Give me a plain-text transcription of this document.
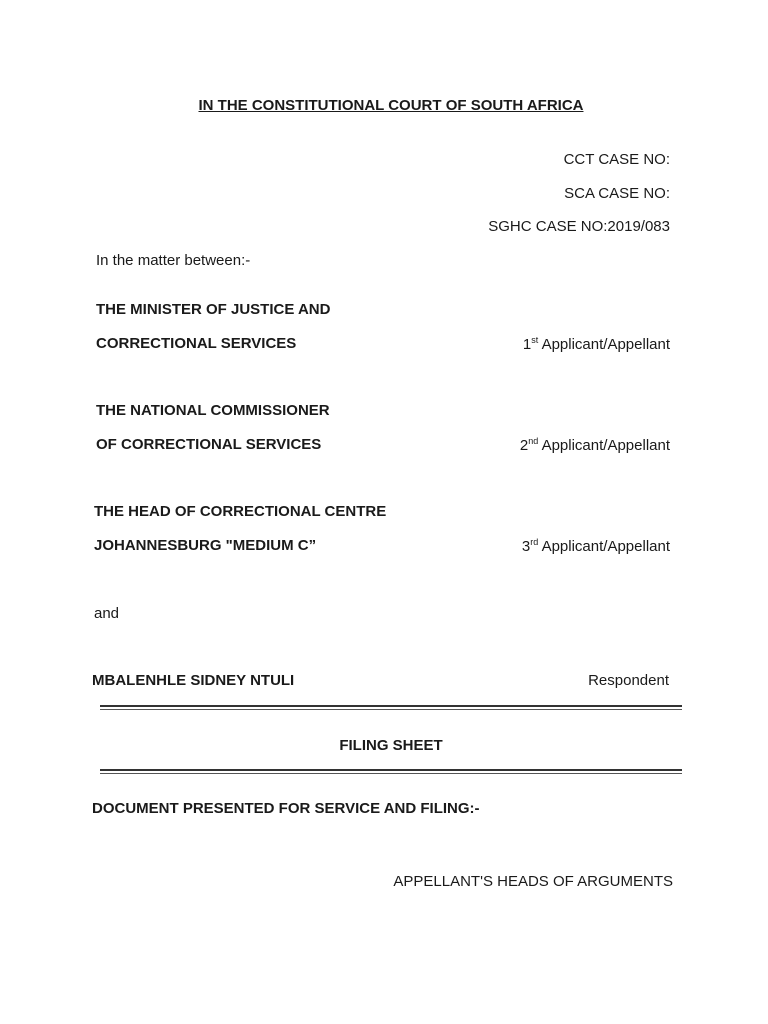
IN THE CONSTITUTIONAL COURT OF SOUTH AFRICA
CCT CASE NO:
SCA CASE NO:
SGHC CASE NO:2019/083
In the matter between:-
THE MINISTER OF JUSTICE AND
CORRECTIONAL SERVICES	1st Applicant/Appellant
THE NATIONAL COMMISSIONER
OF CORRECTIONAL SERVICES	2nd Applicant/Appellant
THE HEAD OF CORRECTIONAL CENTRE
JOHANNESBURG "MEDIUM C”	3rd Applicant/Appellant
and
MBALENHLE SIDNEY NTULI	Respondent
FILING SHEET
DOCUMENT PRESENTED FOR SERVICE AND FILING:-
APPELLANT'S HEADS OF ARGUMENTS
